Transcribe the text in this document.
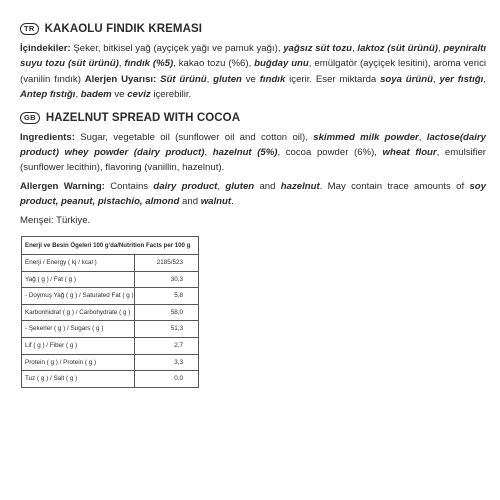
TR KAKAOLU FINDIK KREMASI

İçindekiler: Şeker, bitkisel yağ (ayçiçek yağı ve pamuk yağı), yağsız süt tozu, laktoz (süt ürünü), peyniraltı suyu tozu (süt ürünü), fındık (%5), kakao tozu (%6), buğday unu, emülgatör (ayçiçek lesitini), aroma verici (vanilin fındık) Alerjen Uyarısı: Süt ürünü, gluten ve fındık içerir. Eser miktarda soya ürünü, yer fıstığı, Antep fıstığı, badem ve ceviz içerebilir.

GB HAZELNUT SPREAD WITH COCOA

Ingredients: Sugar, vegetable oil (sunflower oil and cotton oil), skimmed milk powder, lactose(dairy product) whey powder (dairy product), hazelnut (5%), cocoa powder (6%), wheat flour, emulsifier (sunflower lecithin), flavoring (vanillin, hazelnut).

Allergen Warning: Contains dairy product, gluten and hazelnut. May contain trace amounts of soy product, peanut, pistachio, almond and walnut.

Menşei: Türkiye.

Enerji ve Besin Ögeleri 100 g'da/Nutrition Facts per 100 g
Enerji / Energy ( kj / kcal )	2185/523
Yağ ( g ) / Fat ( g )	30,3
- Doymuş Yağ ( g ) / Saturated Fat ( g )	5,8
Karbonhidrat ( g ) / Carbohydrate ( g )	58,0
- Şekerler ( g ) / Sugars ( g )	51,3
Lif ( g ) / Fiber ( g )	2,7
Protein ( g ) / Protein ( g )	3,3
Tuz ( g ) / Salt ( g )	0,0
